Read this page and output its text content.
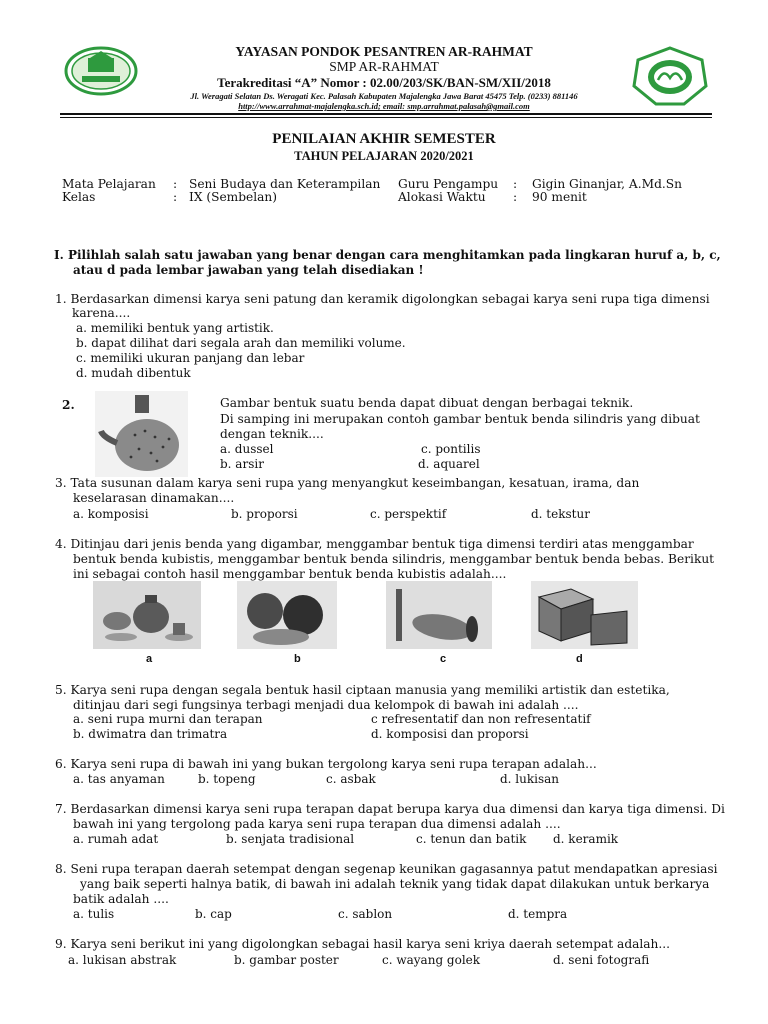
YAYASAN PONDOK PESANTREN AR-RAHMAT
SMP AR-RAHMAT
Terakreditasi “A” Nomor : 02.00/203/SK/BAN-SM/XII/2018
Jl. Weragati Selatan Ds. Weragati Kec. Palasah Kabupaten Majalengka Jawa Barat 45475 Telp. (0233) 881146
http://www.arrahmat-majalengka.sch.id; email: smp.arrahmat.palasah@gmail.com
PENILAIAN AKHIR SEMESTER
TAHUN PELAJARAN 2020/2021
Mata Pelajaran : Seni Budaya dan Keterampilan Guru Pengampu : Gigin Ginanjar, A.Md.Sn
Kelas	: IX (Sembelan)	Alokasi Waktu : 90 menit
I. Pilihlah salah satu jawaban yang benar dengan cara menghitamkan pada lingkaran huruf a, b, c,
atau d pada lembar jawaban yang telah disediakan !
1. Berdasarkan dimensi karya seni patung dan keramik digolongkan sebagai karya seni rupa tiga dimensi
karena....
a. memiliki bentuk yang artistik.
b. dapat dilihat dari segala arah dan memiliki volume.
c. memiliki ukuran panjang dan lebar
d. mudah dibentuk
2.	Gambar bentuk suatu benda dapat dibuat dengan berbagai teknik.
Di samping ini merupakan contoh gambar bentuk benda silindris yang dibuat
dengan teknik....
a. dussel	c. pontilis
b. arsir	d. aquarel
3. Tata susunan dalam karya seni rupa yang menyangkut keseimbangan, kesatuan, irama, dan
keselarasan dinamakan....
a. komposisi	b. proporsi	c. perspektif	d. tekstur
4. Ditinjau dari jenis benda yang digambar, menggambar bentuk tiga dimensi terdiri atas menggambar
bentuk benda kubistis, menggambar bentuk benda silindris, menggambar bentuk benda bebas. Berikut
ini sebagai contoh hasil menggambar bentuk benda kubistis adalah....
a	b	c	d
5. Karya seni rupa dengan segala bentuk hasil ciptaan manusia yang memiliki artistik dan estetika,
ditinjau dari segi fungsinya terbagi menjadi dua kelompok di bawah ini adalah ....
a. seni rupa murni dan terapan	c refresentatif dan non refresentatif
b. dwimatra dan trimatra	d. komposisi dan proporsi
6. Karya seni rupa di bawah ini yang bukan tergolong karya seni rupa terapan adalah...
a. tas anyaman	b. topeng	c. asbak	d. lukisan
7. Berdasarkan dimensi karya seni rupa terapan dapat berupa karya dua dimensi dan karya tiga dimensi. Di
bawah ini yang tergolong pada karya seni rupa terapan dua dimensi adalah ....
a. rumah adat	b. senjata tradisional	c. tenun dan batik d. keramik
8. Seni rupa terapan daerah setempat dengan segenap keunikan gagasannya patut mendapatkan apresiasi
yang baik seperti halnya batik, di bawah ini adalah teknik yang tidak dapat dilakukan untuk berkarya
batik adalah ....
a. tulis	b. cap	c. sablon	d. tempra
9. Karya seni berikut ini yang digolongkan sebagai hasil karya seni kriya daerah setempat adalah...
a. lukisan abstrak	b. gambar poster	c. wayang golek	d. seni fotografi
